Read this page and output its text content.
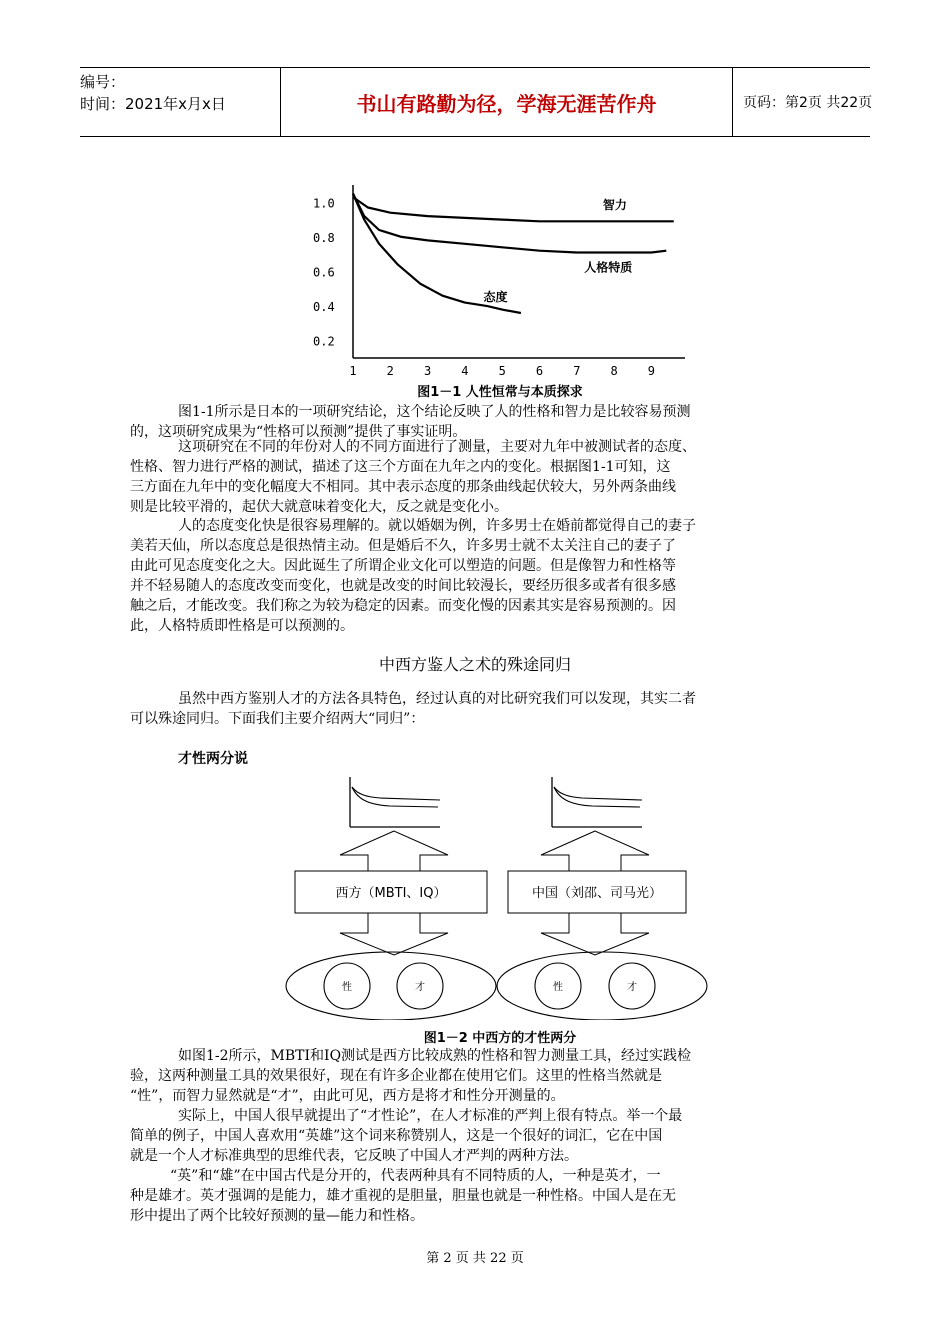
编号：
时间：2021年x月x日	书山有路勤为径，学海无涯苦作舟	页码：第2页 共22页
1.0
0.8
0.6
0.4
0.2
1	2	3	4	5	6	7	8	9
智力
人格特质
态度
图1－1 人性恒常与本质探求
图1-1所示是日本的一项研究结论，这个结论反映了人的性格和智力是比较容易预测
的，这项研究成果为“性格可以预测”提供了事实证明。
这项研究在不同的年份对人的不同方面进行了测量，主要对九年中被测试者的态度、
性格、智力进行严格的测试，描述了这三个方面在九年之内的变化。根据图1-1可知，这
三方面在九年中的变化幅度大不相同。其中表示态度的那条曲线起伏较大，另外两条曲线
则是比较平滑的，起伏大就意味着变化大，反之就是变化小。
人的态度变化快是很容易理解的。就以婚姻为例，许多男士在婚前都觉得自己的妻子
美若天仙，所以态度总是很热情主动。但是婚后不久，许多男士就不太关注自己的妻子了
由此可见态度变化之大。因此诞生了所谓企业文化可以塑造的问题。但是像智力和性格等
并不轻易随人的态度改变而变化，也就是改变的时间比较漫长，要经历很多或者有很多感
触之后，才能改变。我们称之为较为稳定的因素。而变化慢的因素其实是容易预测的。因
此，人格特质即性格是可以预测的。
中西方鉴人之术的殊途同归
虽然中西方鉴别人才的方法各具特色，经过认真的对比研究我们可以发现，其实二者
可以殊途同归。下面我们主要介绍两大“同归”：
才性两分说
西方（MBTI、IQ）	中国（刘邵、司马光）
性	才	性	才
图1－2 中西方的才性两分
如图1-2所示，MBTI和IQ测试是西方比较成熟的性格和智力测量工具，经过实践检
验，这两种测量工具的效果很好，现在有许多企业都在使用它们。这里的性格当然就是
“性”，而智力显然就是“才”，由此可见，西方是将才和性分开测量的。
实际上，中国人很早就提出了“才性论”，在人才标准的严判上很有特点。举一个最
简单的例子，中国人喜欢用“英雄”这个词来称赞别人，这是一个很好的词汇，它在中国
就是一个人才标准典型的思维代表，它反映了中国人才严判的两种方法。
“英”和“雄”在中国古代是分开的，代表两种具有不同特质的人，一种是英才，一
种是雄才。英才强调的是能力，雄才重视的是胆量，胆量也就是一种性格。中国人是在无
形中提出了两个比较好预测的量—能力和性格。
第 2 页 共 22 页
